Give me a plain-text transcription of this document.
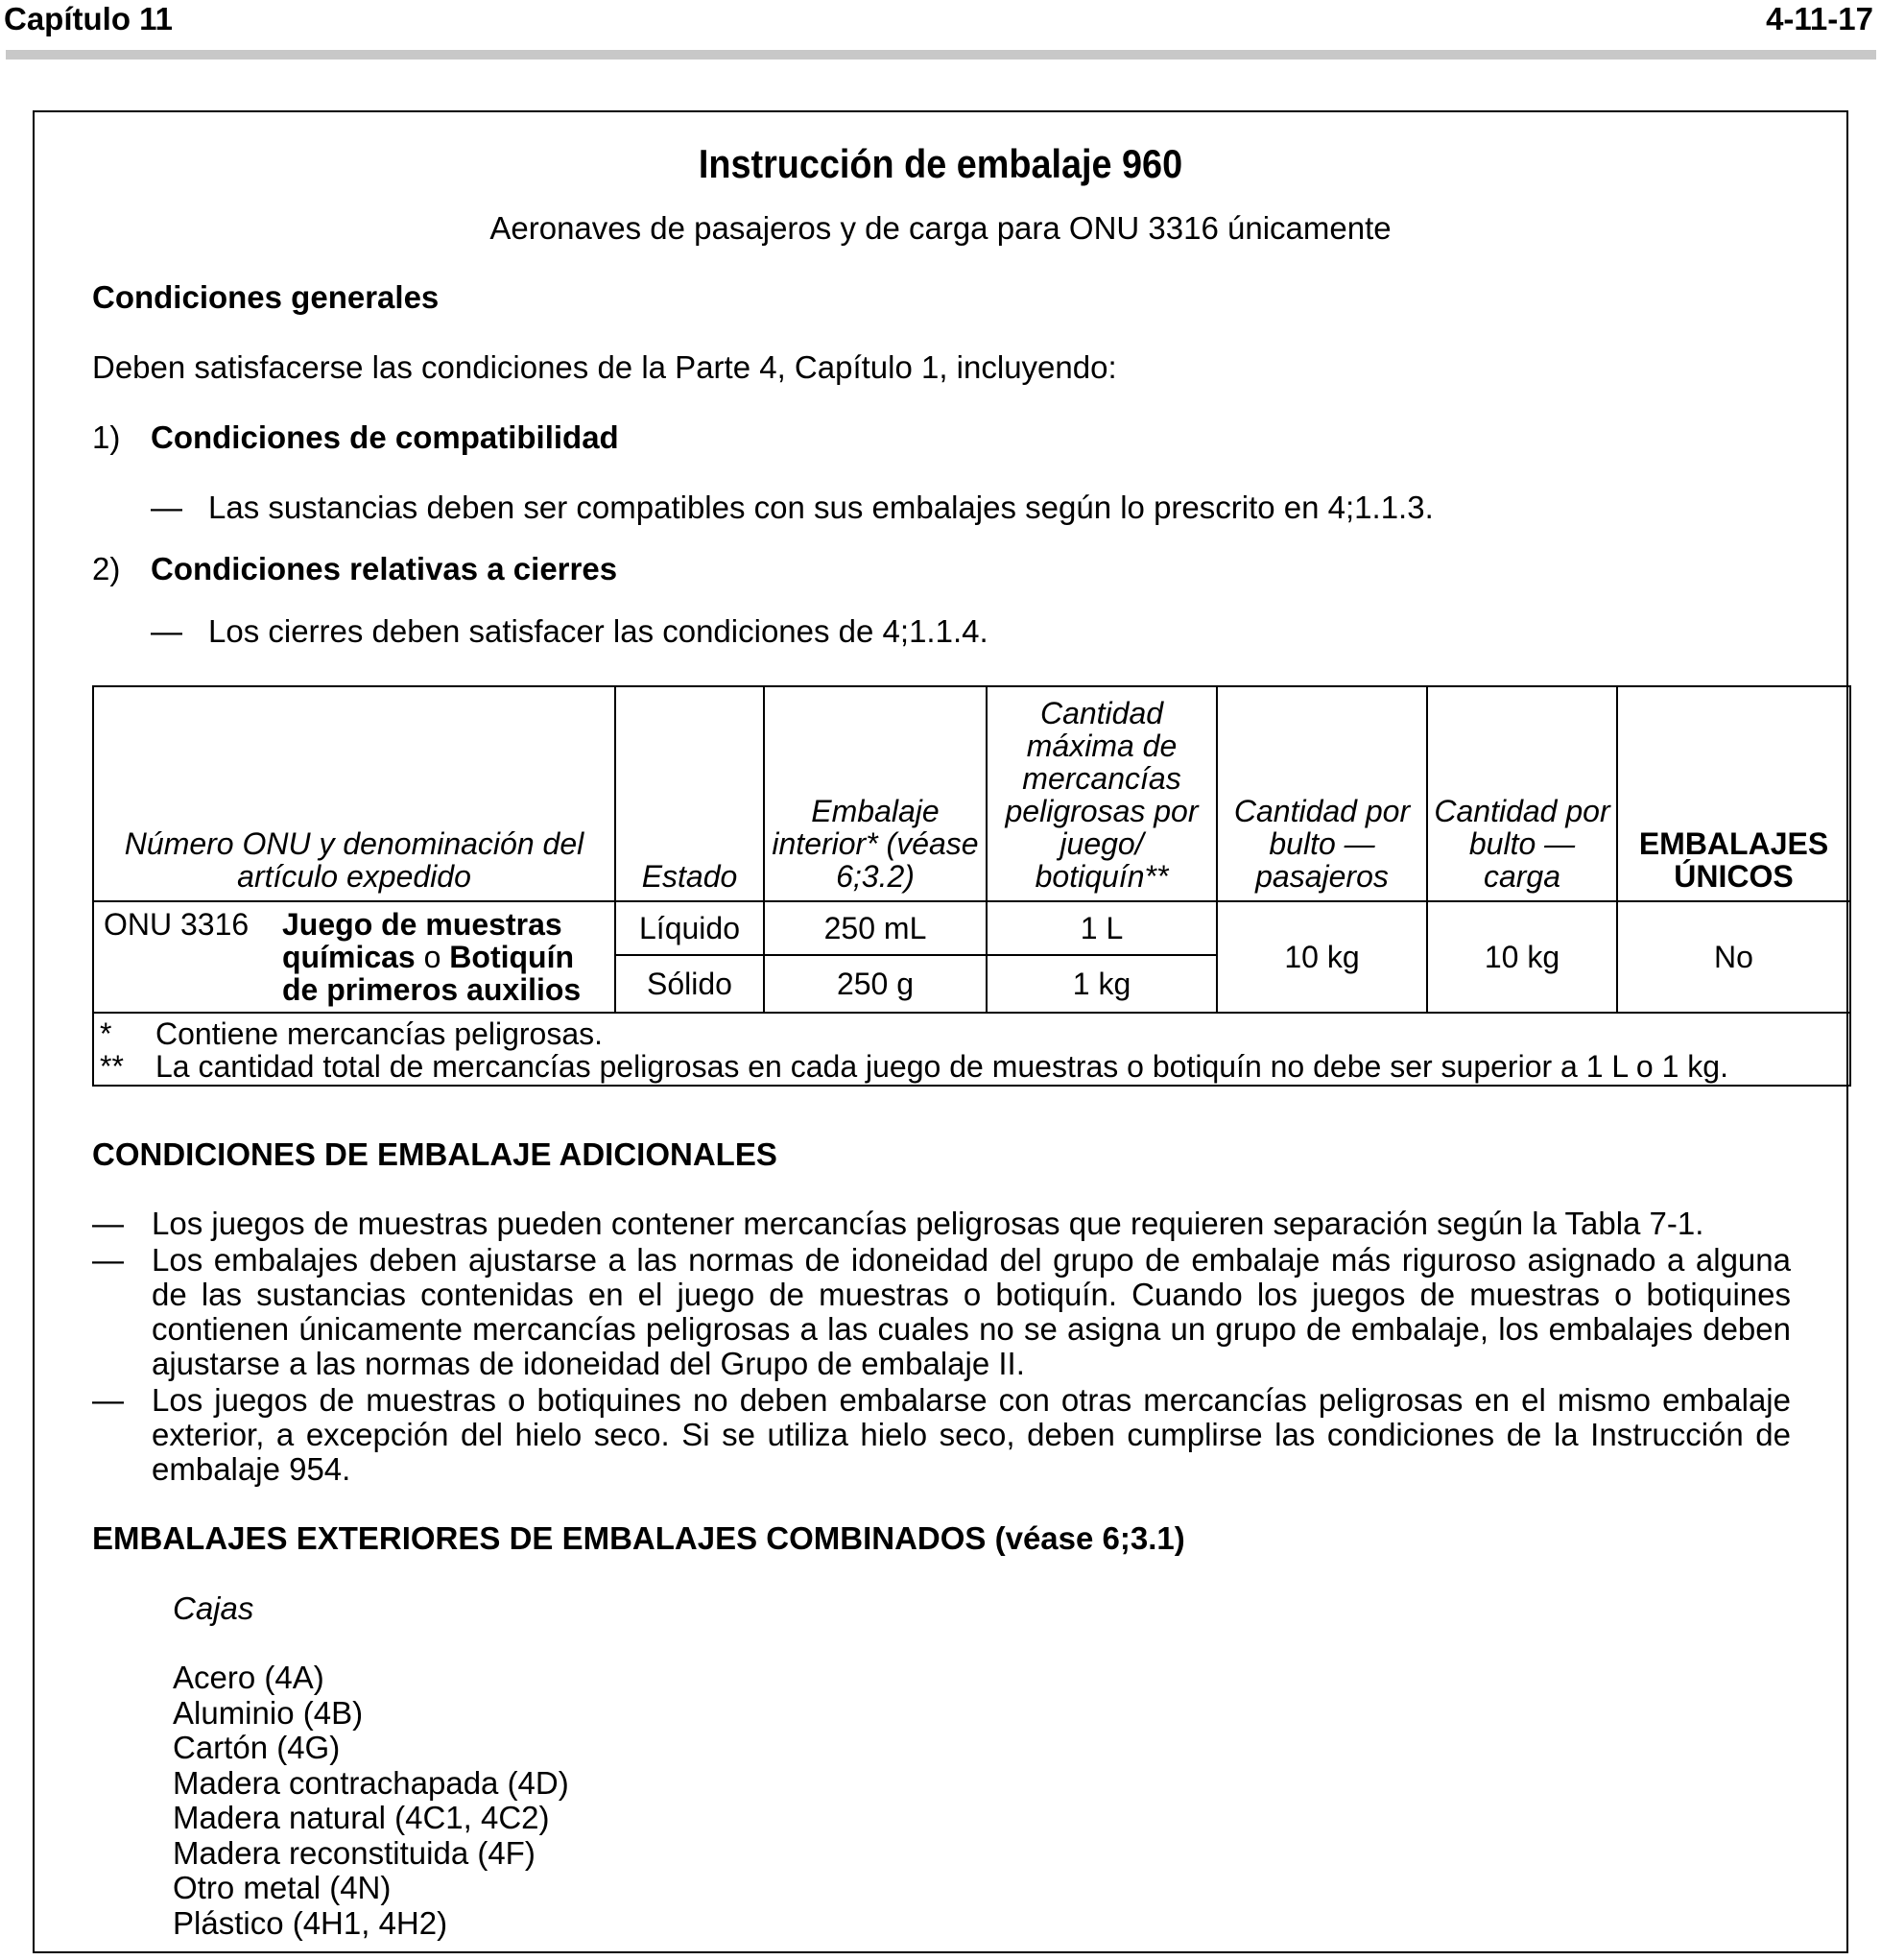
Capítulo 11	4-11-17
Instrucción de embalaje 960
Aeronaves de pasajeros y de carga para ONU 3316 únicamente
Condiciones generales
Deben satisfacerse las condiciones de la Parte 4, Capítulo 1, incluyendo:
1) Condiciones de compatibilidad
— Las sustancias deben ser compatibles con sus embalajes según lo prescrito en 4;1.1.3.
2) Condiciones relativas a cierres
— Los cierres deben satisfacer las condiciones de 4;1.1.4.
Número ONU y denominación del artículo expedido	Estado	Embalaje interior* (véase 6;3.2)	Cantidad máxima de mercancías peligrosas por juego/ botiquín**	Cantidad por bulto — pasajeros	Cantidad por bulto — carga	EMBALAJES ÚNICOS

ONU 3316 Juego de muestras químicas o Botiquín de primeros auxilios	Líquido	250 mL	1 L	10 kg	10 kg	No
	Sólido	250 g	1 kg			

* Contiene mercancías peligrosas.
** La cantidad total de mercancías peligrosas en cada juego de muestras o botiquín no debe ser superior a 1 L o 1 kg.						
CONDICIONES DE EMBALAJE ADICIONALES
— Los juegos de muestras pueden contener mercancías peligrosas que requieren separación según la Tabla 7-1.
— Los embalajes deben ajustarse a las normas de idoneidad del grupo de embalaje más riguroso asignado a alguna de las sustancias contenidas en el juego de muestras o botiquín. Cuando los juegos de muestras o botiquines contienen únicamente mercancías peligrosas a las cuales no se asigna un grupo de embalaje, los embalajes deben ajustarse a las normas de idoneidad del Grupo de embalaje II.
— Los juegos de muestras o botiquines no deben embalarse con otras mercancías peligrosas en el mismo embalaje exterior, a excepción del hielo seco. Si se utiliza hielo seco, deben cumplirse las condiciones de la Instrucción de embalaje 954.
EMBALAJES EXTERIORES DE EMBALAJES COMBINADOS (véase 6;3.1)
Cajas
Acero (4A)
Aluminio (4B)
Cartón (4G)
Madera contrachapada (4D)
Madera natural (4C1, 4C2)
Madera reconstituida (4F)
Otro metal (4N)
Plástico (4H1, 4H2)
